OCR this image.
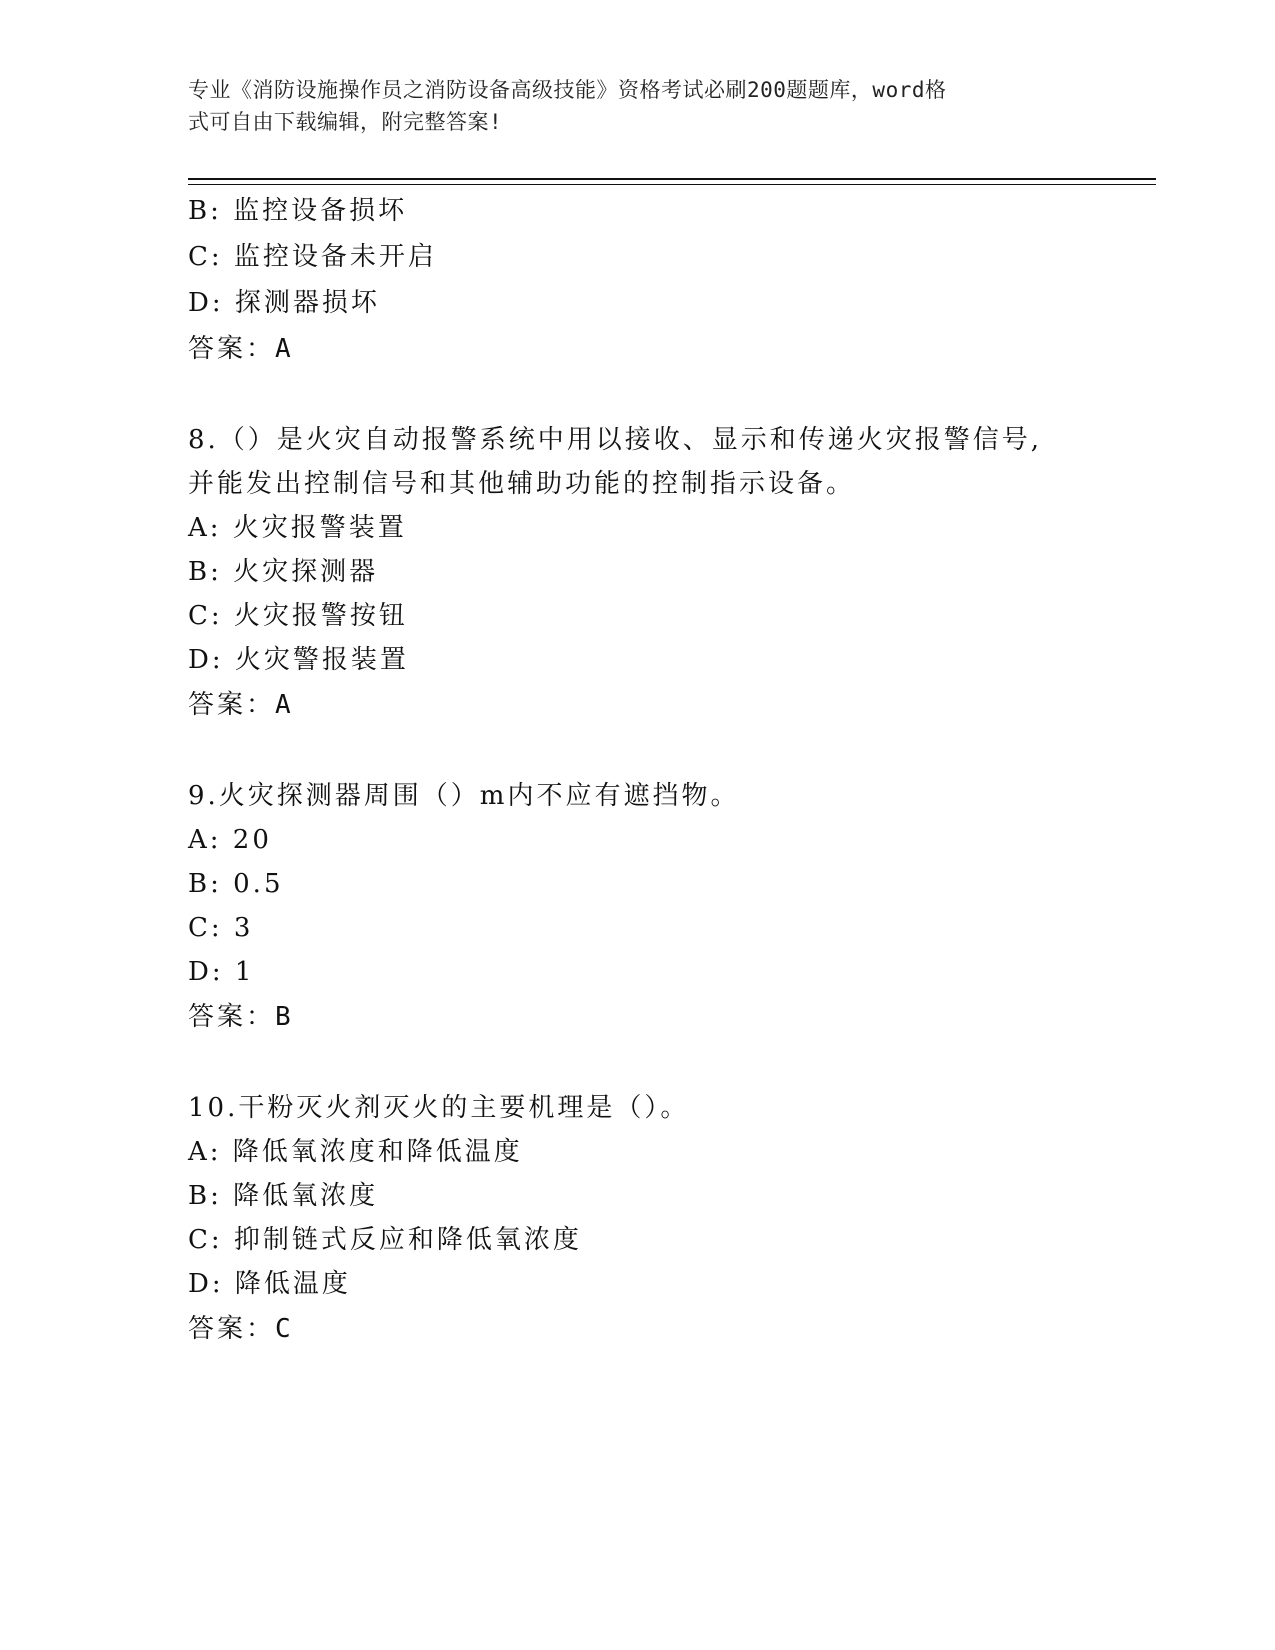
专业《消防设施操作员之消防设备高级技能》资格考试必刷200题题库，word格
式可自由下载编辑，附完整答案!
B: 监控设备损坏
C: 监控设备未开启
D: 探测器损坏
答案：A
8.（）是火灾自动报警系统中用以接收、显示和传递火灾报警信号,
并能发出控制信号和其他辅助功能的控制指示设备。
A: 火灾报警装置
B: 火灾探测器
C: 火灾报警按钮
D: 火灾警报装置
答案：A
9.火灾探测器周围（）m内不应有遮挡物。
A: 20
B: 0.5
C: 3
D: 1
答案：B
10.干粉灭火剂灭火的主要机理是（）。
A: 降低氧浓度和降低温度
B: 降低氧浓度
C: 抑制链式反应和降低氧浓度
D: 降低温度
答案：C
